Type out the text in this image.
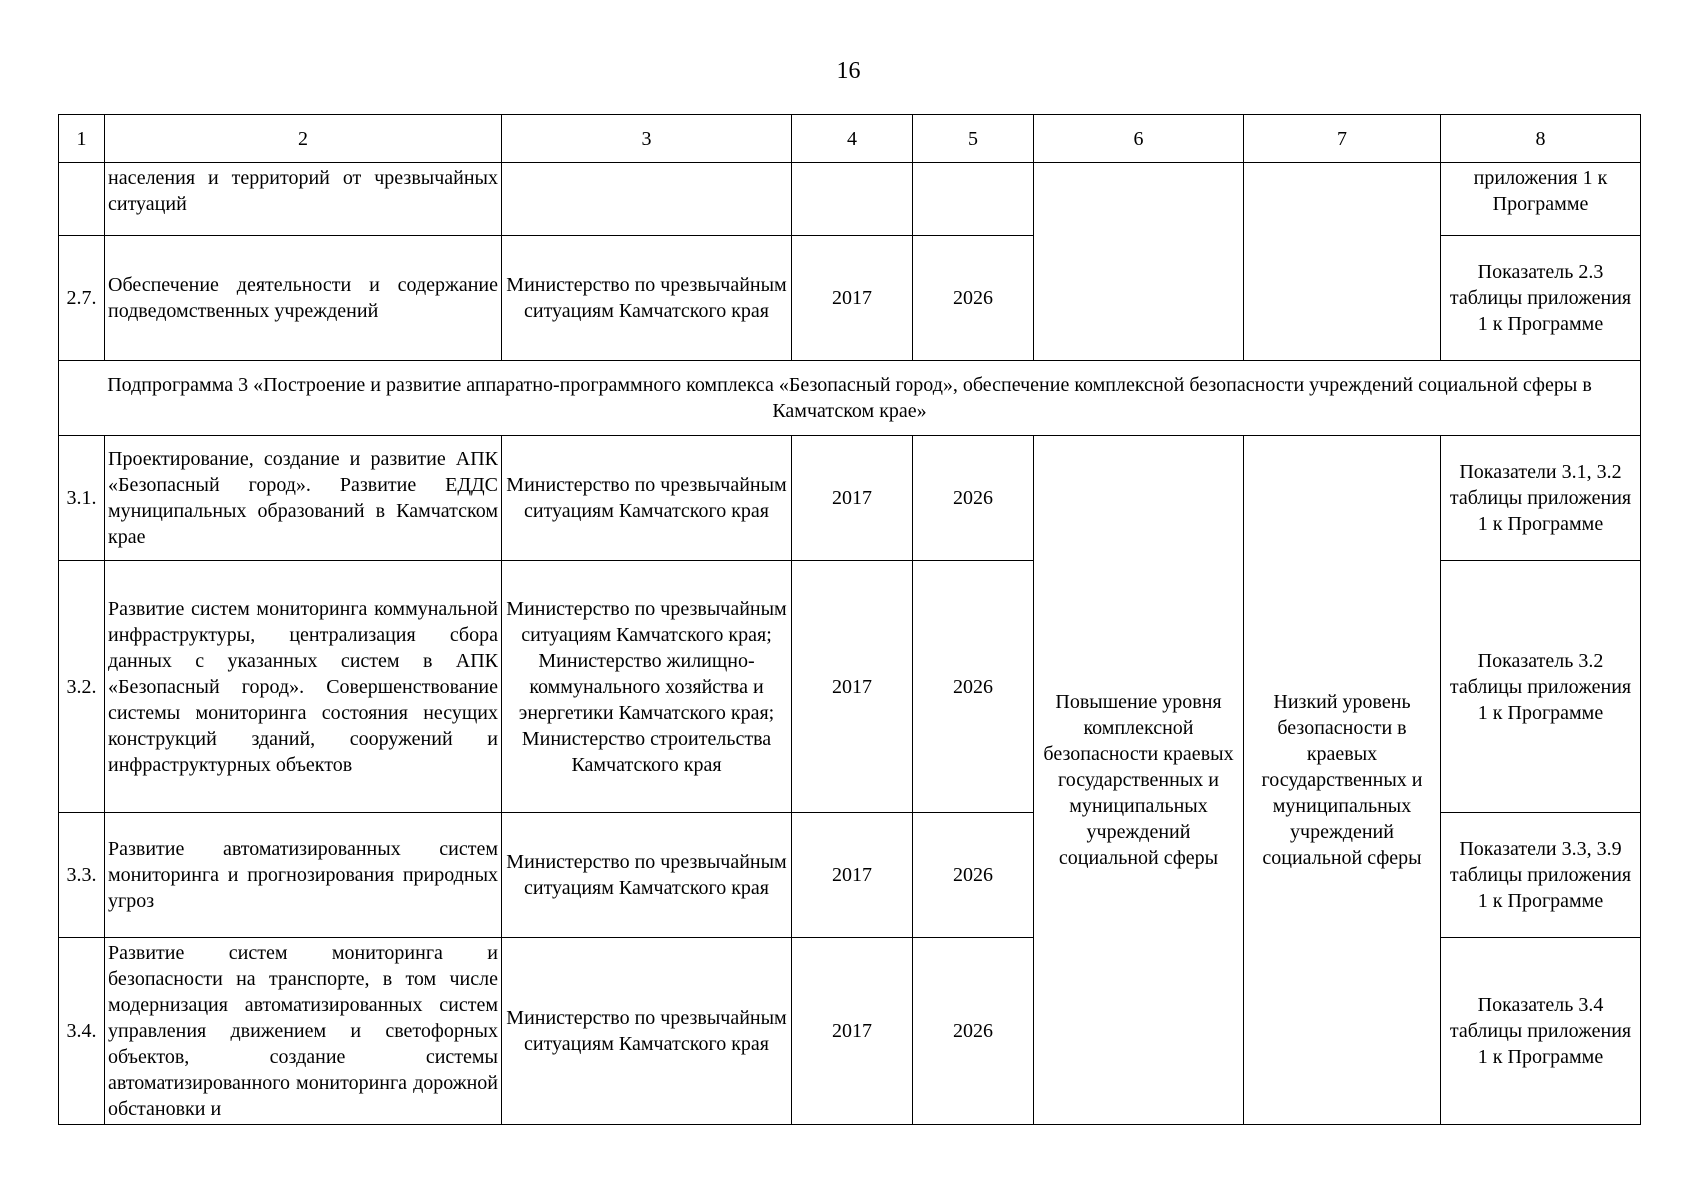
16
1	2	3	4	5	6	7	8
	населения и территорий от чрезвычайных ситуаций						приложения 1 к Программе
2.7.	Обеспечение деятельности и содержание подведомственных учреждений	Министерство по чрезвычайным ситуациям Камчатского края	2017	2026			Показатель 2.3 таблицы приложения 1 к Программе
Подпрограмма 3 «Построение и развитие аппаратно-программного комплекса «Безопасный город», обеспечение комплексной безопасности учреждений социальной сферы в Камчатском крае»							
3.1.	Проектирование, создание и развитие АПК «Безопасный город». Развитие ЕДДС муниципальных образований в Камчатском крае	Министерство по чрезвычайным ситуациям Камчатского края	2017	2026	Повышение уровня комплексной безопасности краевых государственных и муниципальных учреждений социальной сферы	Низкий уровень безопасности в краевых государственных и муниципальных учреждений социальной сферы	Показатели 3.1, 3.2 таблицы приложения 1 к Программе
3.2.	Развитие систем мониторинга коммунальной инфраструктуры, централизация сбора данных с указанных систем в АПК «Безопасный город». Совершенствование системы мониторинга состояния несущих конструкций зданий, сооружений и инфраструктурных объектов	Министерство по чрезвычайным ситуациям Камчатского края; Министерство жилищно-коммунального хозяйства и энергетики Камчатского края; Министерство строительства Камчатского края	2017	2026			Показатель 3.2 таблицы приложения 1 к Программе
3.3.	Развитие автоматизированных систем мониторинга и прогнозирования природных угроз	Министерство по чрезвычайным ситуациям Камчатского края	2017	2026			Показатели 3.3, 3.9 таблицы приложения 1 к Программе
3.4.	Развитие систем мониторинга и безопасности на транспорте, в том числе модернизация автоматизированных систем управления движением и светофорных объектов, создание системы автоматизированного мониторинга дорожной обстановки и	Министерство по чрезвычайным ситуациям Камчатского края	2017	2026			Показатель 3.4 таблицы приложения 1 к Программе
